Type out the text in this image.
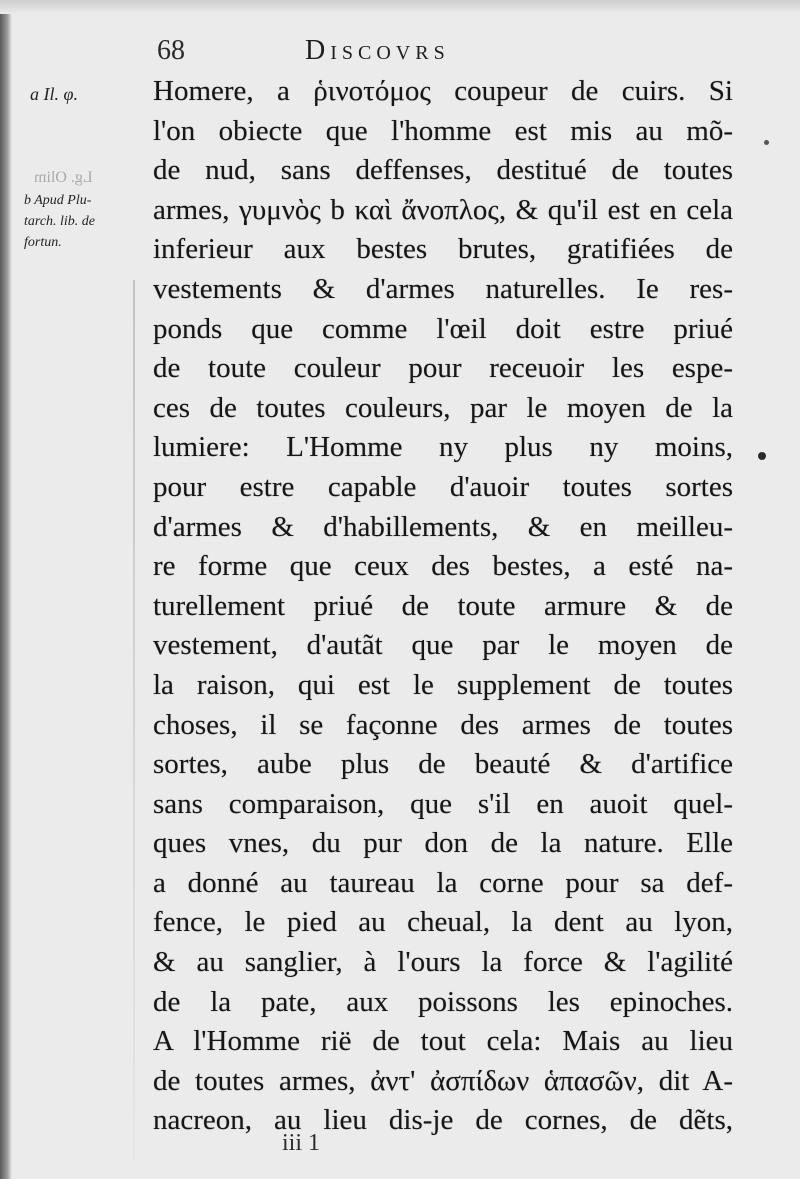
68	Discovrs
a Il. φ.
Lg. Olim
b Apud Plu-
tarch. lib. de
fortun.
Homere, a ῥινοτόμος coupeur de cuirs. Si
l'on obiecte que l'homme est mis au mõ-
de nud, sans deffenses, destitué de toutes
armes, γυμνὸς b καὶ ἄνοπλος, & qu'il est en cela
inferieur aux bestes brutes, gratifiées de
vestements & d'armes naturelles. Ie res-
ponds que comme l'œil doit estre priué
de toute couleur pour receuoir les espe-
ces de toutes couleurs, par le moyen de la
lumiere: L'Homme ny plus ny moins,
pour estre capable d'auoir toutes sortes
d'armes & d'habillements, & en meilleu-
re forme que ceux des bestes, a esté na-
turellement priué de toute armure & de
vestement, d'autãt que par le moyen de
la raison, qui est le supplement de toutes
choses, il se façonne des armes de toutes
sortes, aube plus de beauté & d'artifice
sans comparaison, que s'il en auoit quel-
ques vnes, du pur don de la nature. Elle
a donné au taureau la corne pour sa def-
fence, le pied au cheual, la dent au lyon,
& au sanglier, à l'ours la force & l'agilité
de la pate, aux poissons les epinoches.
A l'Homme rië de tout cela: Mais au lieu
de toutes armes, ἀντ' ἀσπίδων ἁπασῶν, dit A-
nacreon, au lieu dis-je de cornes, de dẽts,
iii 1
